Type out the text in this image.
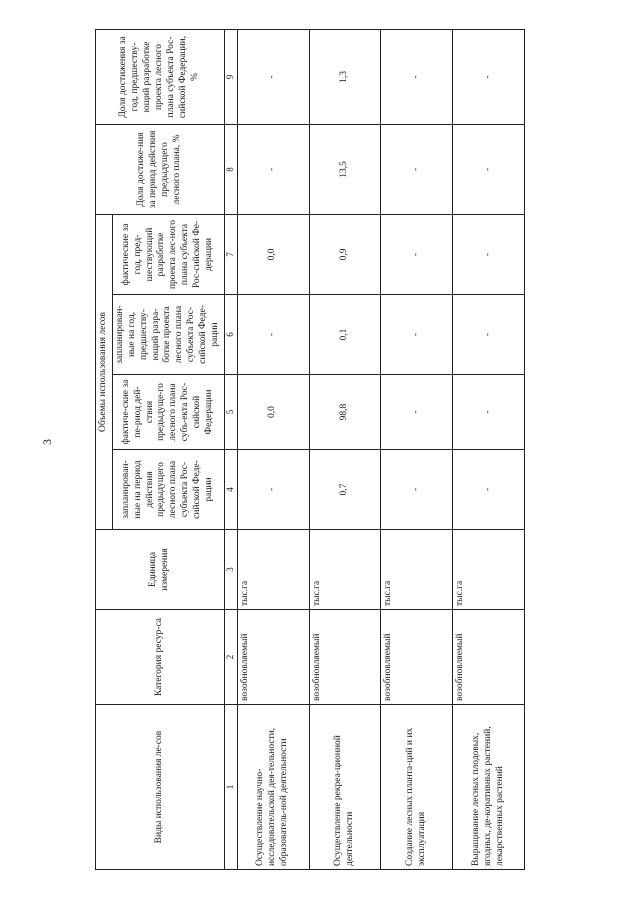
3
Виды использования ле-сов	Категория ресур-са	Единица измерения	Объемы использования лесов				Доля достиже-ния за период действия предыдущего лесного плана, %	Доля достижения за год, предшеству-ющий разработке проекта лесного плана субъекта Рос-сийской Федерации, %
			запланирован-ные на период действия предыдущего лесного плана субъекта Рос-сийской Феде-рации	фактиче-ские за пе-риод дей-ствия предыдуще-го лесного плана субъ-екта Рос-сийской Федерации	запланирован-ные на год, предшеству-ющий разра-ботке проекта лесного плана субъекта Рос-сийской Феде-рации	фактические за год, пред-шествующий разработке проекта лес-ного плана субъекта Рос-сийской Фе-дерации		
1	2	3	4	5	6	7	8	9
Осуществление научно-исследовательской дея-тельности, образователь-ной деятельности	возобновляемый	тыс.га	-	0,0	-	0,0	-	-
Осуществление рекреа-ционной деятельности	возобновляемый	тыс.га	0,7	98,8	0,1	0,9	13,5	1,3
Создание лесных планта-ций и их эксплуатация	возобновляемый	тыс.га	-	-	-	-	-	-
Выращивание лесных плодовых, ягодных, де-коративных растений, лекарственных растений	возобновляемый	тыс.га	-	-	-	-	-	-
